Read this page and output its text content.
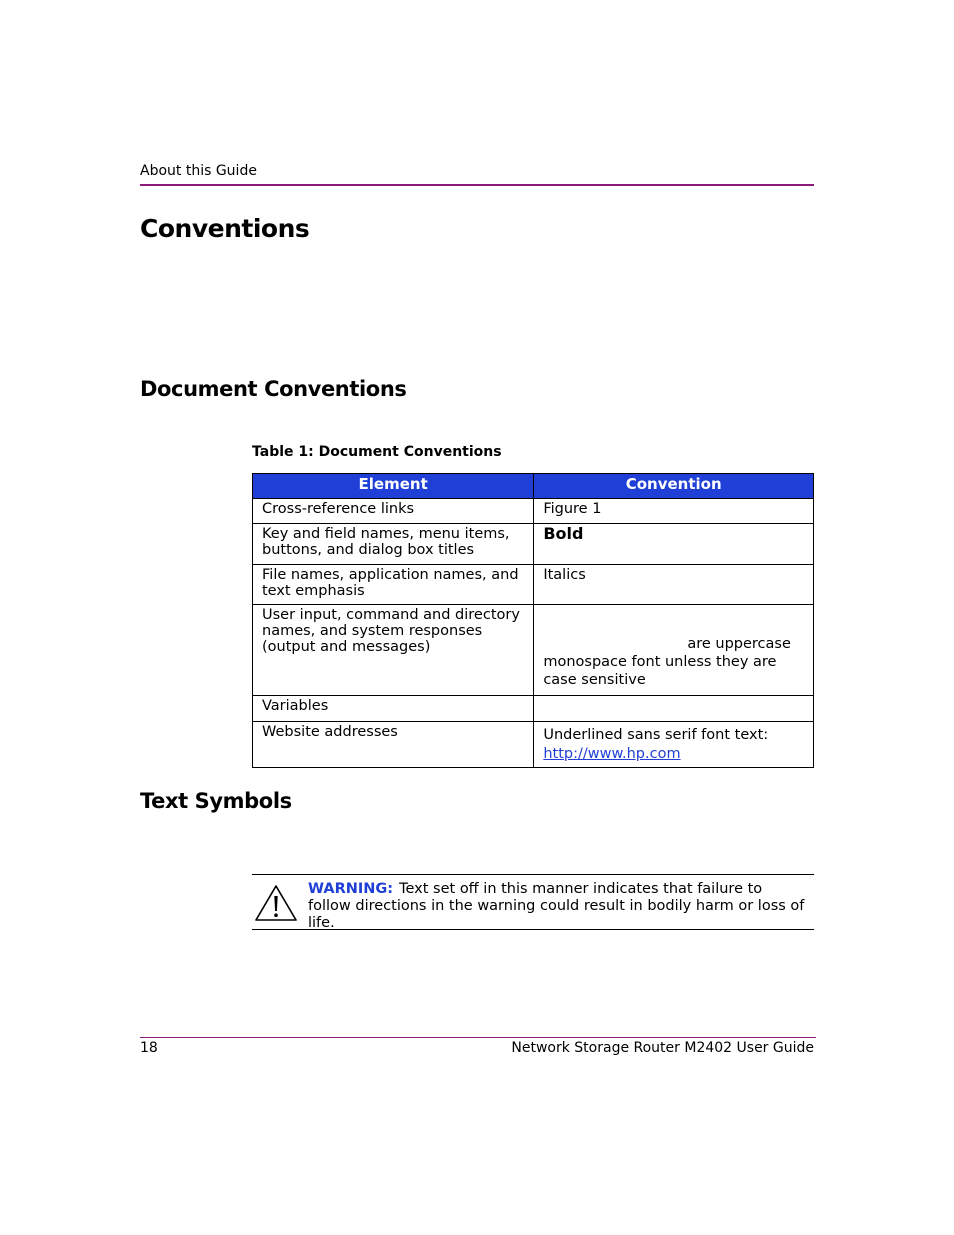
About this Guide
Conventions
Document Conventions
Table 1: Document Conventions
Element	Convention
Cross-reference links	Figure 1
Key and field names, menu items, buttons, and dialog box titles	Bold
File names, application names, and text emphasis	Italics
User input, command and directory names, and system responses (output and messages)	are uppercase monospace font unless they are case sensitive

Variables	
Website addresses	Underlined sans serif font text:
http://www.hp.com
Text Symbols
WARNING: Text set off in this manner indicates that failure to follow directions in the warning could result in bodily harm or loss of life.
18	Network Storage Router M2402 User Guide
